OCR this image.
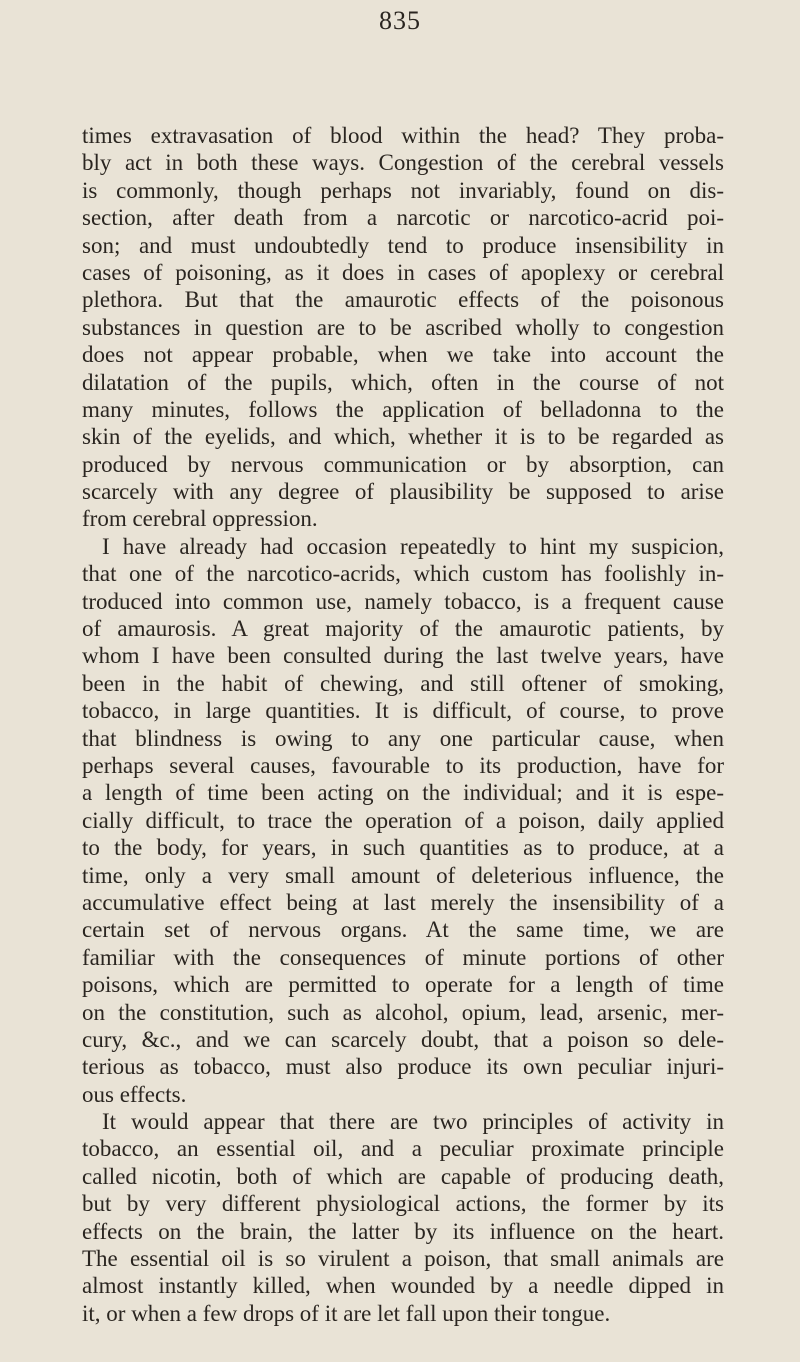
835
times extravasation of blood within the head? They proba-
bly act in both these ways. Congestion of the cerebral vessels
is commonly, though perhaps not invariably, found on dis-
section, after death from a narcotic or narcotico-acrid poi-
son; and must undoubtedly tend to produce insensibility in
cases of poisoning, as it does in cases of apoplexy or cerebral
plethora. But that the amaurotic effects of the poisonous
substances in question are to be ascribed wholly to congestion
does not appear probable, when we take into account the
dilatation of the pupils, which, often in the course of not
many minutes, follows the application of belladonna to the
skin of the eyelids, and which, whether it is to be regarded as
produced by nervous communication or by absorption, can
scarcely with any degree of plausibility be supposed to arise
from cerebral oppression.
I have already had occasion repeatedly to hint my suspicion,
that one of the narcotico-acrids, which custom has foolishly in-
troduced into common use, namely tobacco, is a frequent cause
of amaurosis. A great majority of the amaurotic patients, by
whom I have been consulted during the last twelve years, have
been in the habit of chewing, and still oftener of smoking,
tobacco, in large quantities. It is difficult, of course, to prove
that blindness is owing to any one particular cause, when
perhaps several causes, favourable to its production, have for
a length of time been acting on the individual; and it is espe-
cially difficult, to trace the operation of a poison, daily applied
to the body, for years, in such quantities as to produce, at a
time, only a very small amount of deleterious influence, the
accumulative effect being at last merely the insensibility of a
certain set of nervous organs. At the same time, we are
familiar with the consequences of minute portions of other
poisons, which are permitted to operate for a length of time
on the constitution, such as alcohol, opium, lead, arsenic, mer-
cury, &c., and we can scarcely doubt, that a poison so dele-
terious as tobacco, must also produce its own peculiar injuri-
ous effects.
It would appear that there are two principles of activity in
tobacco, an essential oil, and a peculiar proximate principle
called nicotin, both of which are capable of producing death,
but by very different physiological actions, the former by its
effects on the brain, the latter by its influence on the heart.
The essential oil is so virulent a poison, that small animals are
almost instantly killed, when wounded by a needle dipped in
it, or when a few drops of it are let fall upon their tongue.
